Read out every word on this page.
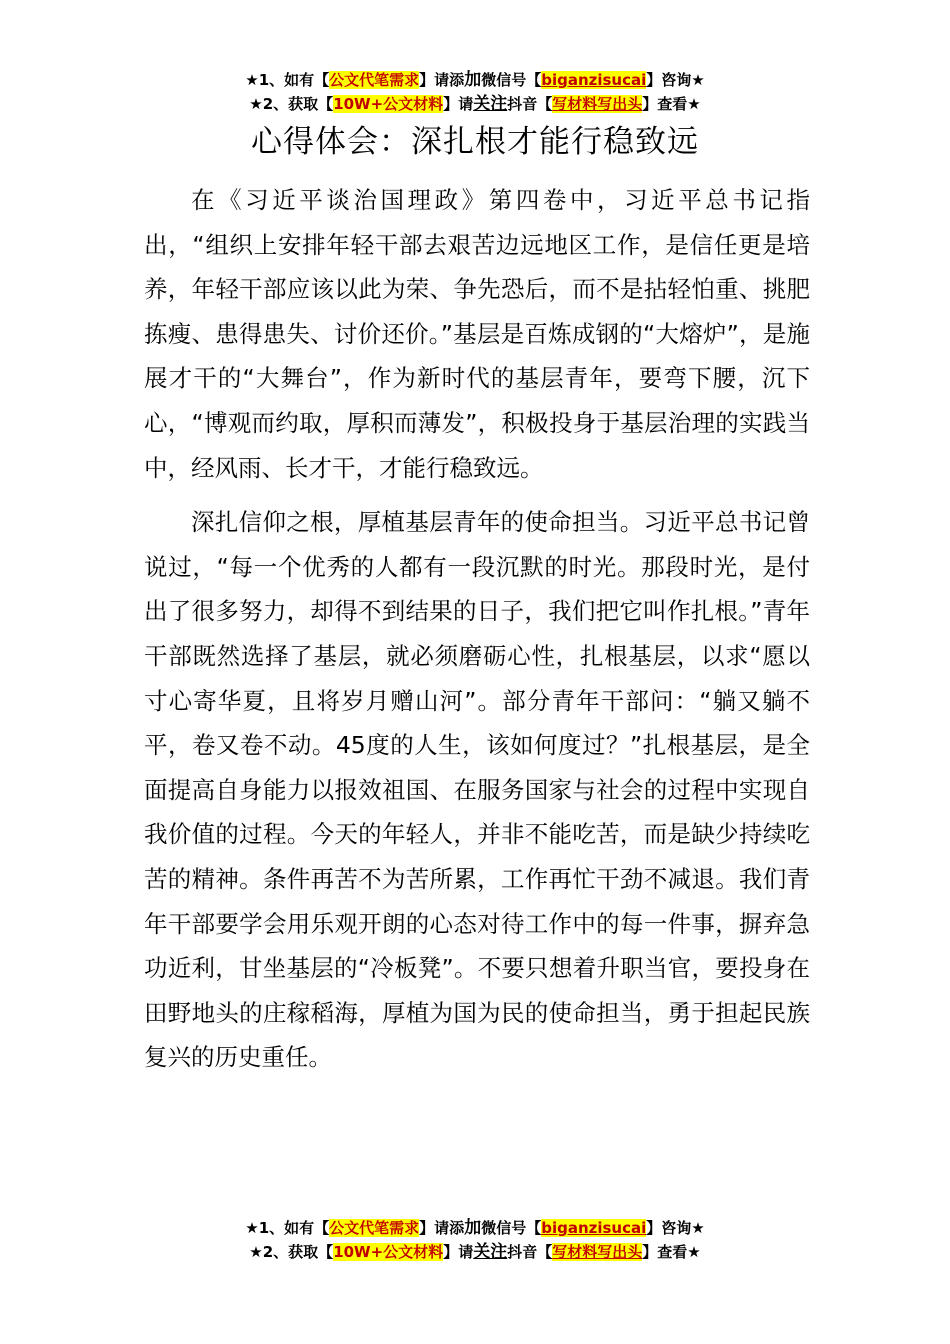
★1、如有【公文代笔需求】请添加微信号【biganzisucai】咨询★
★2、获取【10W+公文材料】请关注抖音【写材料写出头】查看★
心得体会：深扎根才能行稳致远

在《习近平谈治国理政》第四卷中，习近平总书记指出，“组织上安排年轻干部去艰苦边远地区工作，是信任更是培养，年轻干部应该以此为荣、争先恐后，而不是拈轻怕重、挑肥拣瘦、患得患失、讨价还价。”基层是百炼成钢的“大熔炉”，是施展才干的“大舞台”，作为新时代的基层青年，要弯下腰，沉下心，“博观而约取，厚积而薄发”，积极投身于基层治理的实践当中，经风雨、长才干，才能行稳致远。

深扎信仰之根，厚植基层青年的使命担当。习近平总书记曾说过，“每一个优秀的人都有一段沉默的时光。那段时光，是付出了很多努力，却得不到结果的日子，我们把它叫作扎根。”青年干部既然选择了基层，就必须磨砺心性，扎根基层，以求“愿以寸心寄华夏，且将岁月赠山河”。部分青年干部问：“躺又躺不平，卷又卷不动。45度的人生，该如何度过？”扎根基层，是全面提高自身能力以报效祖国、在服务国家与社会的过程中实现自我价值的过程。今天的年轻人，并非不能吃苦，而是缺少持续吃苦的精神。条件再苦不为苦所累，工作再忙干劲不减退。我们青年干部要学会用乐观开朗的心态对待工作中的每一件事，摒弃急功近利，甘坐基层的“冷板凳”。不要只想着升职当官，要投身在田野地头的庄稼稻海，厚植为国为民的使命担当，勇于担起民族复兴的历史重任。

★1、如有【公文代笔需求】请添加微信号【biganzisucai】咨询★
★2、获取【10W+公文材料】请关注抖音【写材料写出头】查看★
